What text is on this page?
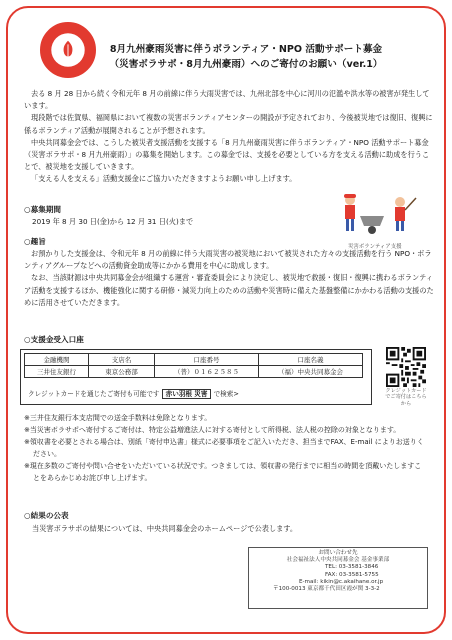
8月九州豪雨災害に伴うボランティア・NPO 活動サポート募金
（災害ボラサポ・8月九州豪雨）へのご寄付のお願い（ver.1）

去る 8 月 28 日から続く令和元年 8 月の前線に伴う大雨災害では、九州北部を中心に河川の氾濫や洪水等の被害が発生しています。

現段階では佐賀県、福岡県において複数の災害ボランティアセンターの開設が予定されており、今後被災地では復旧、復興に係るボランティア活動が展開されることが予想されます。

中央共同募金会では、こうした被災者支援活動を支援する「8 月九州豪雨災害に伴うボランティア・NPO 活動サポート募金（災害ボラサポ・8 月九州豪雨）」の募集を開始します。この募金では、支援を必要としている方を支える活動に助成を行うことで、被災地を支援していきます。

「支える人を支える」活動支援金にご協力いただきますようお願い申し上げます。

○募集期間
2019 年 8 月 30 日(金)から 12 月 31 日(火)まで
災害ボランティア支援
○趣旨

お預かりした支援金は、令和元年 8 月の前線に伴う大雨災害の被災地において被災された方々の支援活動を行う NPO・ボランティアグループなどへの活動資金助成等にかかる費用を中心に助成します。

なお、当該財源は中央共同募金会が組織する運営・審査委員会により決定し、被災地で救援・復旧・復興に携わるボランティア活動を支援するほか、機能強化に関する研修・減災力向上のための活動や災害時に備えた基盤整備にかかわる活動の支援のために活用させていただきます。

○支援金受入口座
金融機関	支店名	口座番号	口座名義
三井住友銀行	東京公務部	（普）０１６２５８５	（福）中央共同募金会
クレジットカードを通じたご寄付も可能です 赤い羽根 災害 で検索>	クレジットカードでご寄付はこちらから
※三井住友銀行本支店間での送金手数料は免除となります。
※当災害ボラサポへ寄付するご寄付は、特定公益増進法人に対する寄付として所得税、法人税の控除の対象となります。
※領収書を必要とされる場合は、別紙「寄付申込書」様式に必要事項をご記入いただき、担当までFAX、E-mail によりお送りください。
※現在多数のご寄付や問い合せをいただいている状況です。つきましては、領収書の発行までに相当の時間を頂戴いたしますことをあらかじめお詫び申し上げます。
○結果の公表
当災害ボラサポの結果については、中央共同募金会のホームページで公表します。
お問い合わせ先
社会福祉法人中央共同募金会 基金事業部
TEL: 03-3581-3846
FAX: 03-3581-5755
E-mail: kikin@c.akaihane.or.jp
〒100-0013 東京都千代田区霞が関 3-3-2
